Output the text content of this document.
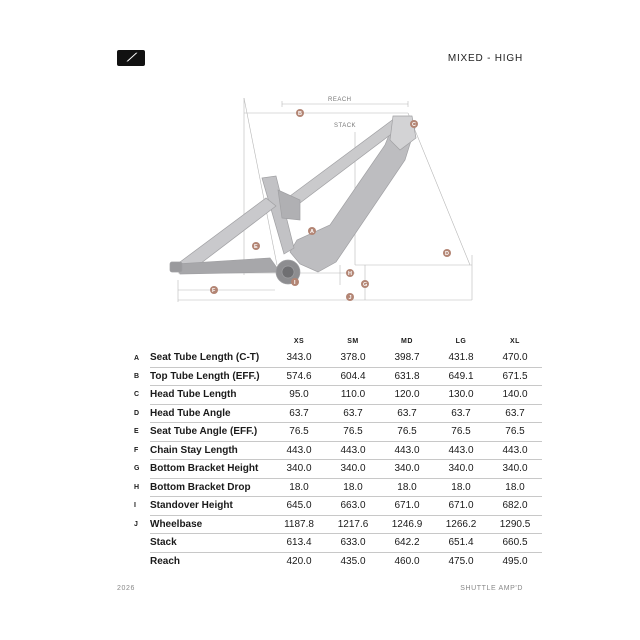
⟋	MIXED - HIGH
REACH
STACK
A
B
C
D
E
F
G
H
I
J
		XS	SM	MD	LG	XL
A	Seat Tube Length (C-T)	343.0	378.0	398.7	431.8	470.0
B	Top Tube Length (EFF.)	574.6	604.4	631.8	649.1	671.5
C	Head Tube Length	95.0	110.0	120.0	130.0	140.0
D	Head Tube Angle	63.7	63.7	63.7	63.7	63.7
E	Seat Tube Angle (EFF.)	76.5	76.5	76.5	76.5	76.5
F	Chain Stay Length	443.0	443.0	443.0	443.0	443.0
G	Bottom Bracket Height	340.0	340.0	340.0	340.0	340.0
H	Bottom Bracket Drop	18.0	18.0	18.0	18.0	18.0
I	Standover Height	645.0	663.0	671.0	671.0	682.0
J	Wheelbase	1187.8	1217.6	1246.9	1266.2	1290.5
	Stack	613.4	633.0	642.2	651.4	660.5
	Reach	420.0	435.0	460.0	475.0	495.0
2026	SHUTTLE AMP'D
